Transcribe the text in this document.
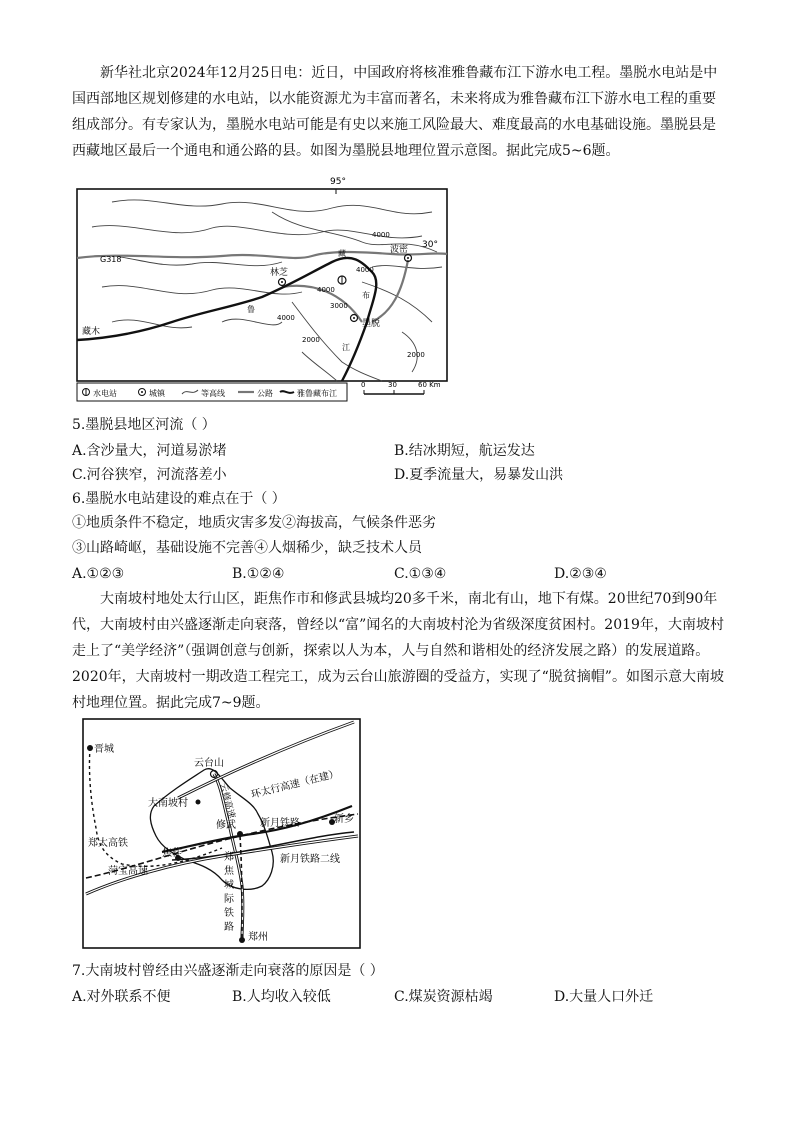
新华社北京2024年12月25日电：近日，中国政府将核准雅鲁藏布江下游水电工程。墨脱水电站是中国西部地区规划修建的水电站，以水能资源尤为丰富而著名，未来将成为雅鲁藏布江下游水电工程的重要组成部分。有专家认为，墨脱水电站可能是有史以来施工风险最大、难度最高的水电基础设施。墨脱县是西藏地区最后一个通电和通公路的县。如图为墨脱县地理位置示意图。据此完成5~6题。

95°
30°
G318
林芝
波密
墨脱
藏木
藏
布
江
鲁
4000
4000
4000
3000
2000
4000
2000
水电站	城镇	等高线	公路	雅鲁藏布江
0	30	60 Km
5.墨脱县地区河流（ ）
A.含沙量大，河道易淤堵	B.结冰期短，航运发达
C.河谷狭窄，河流落差小	D.夏季流量大，易暴发山洪
6.墨脱水电站建设的难点在于（ ）
①地质条件不稳定，地质灾害多发②海拔高，气候条件恶劣
③山路崎岖，基础设施不完善④人烟稀少，缺乏技术人员
A.①②③	B.①②④	C.①③④	D.②③④

大南坡村地处太行山区，距焦作市和修武县城均20多千米，南北有山，地下有煤。20世纪70到90年代，大南坡村由兴盛逐渐走向衰落，曾经以“富”闻名的大南坡村沦为省级深度贫困村。2019年，大南坡村走上了“美学经济”（强调创意与创新，探索以人为本，人与自然和谐相处的经济发展之路）的发展道路。2020年，大南坡村一期改造工程完工，成为云台山旅游圈的受益方，实现了“脱贫摘帽”。如图示意大南坡村地理位置。据此完成7~9题。

晋城
云台山
云修高速
大南坡村
环太行高速（在建）
修武 新月铁路	新乡
郑太高铁
焦作
菏宝高速
新月铁路二线
郑
焦
城
际
铁
路
郑州
7.大南坡村曾经由兴盛逐渐走向衰落的原因是（ ）
A.对外联系不便	B.人均收入较低	C.煤炭资源枯竭	D.大量人口外迁
